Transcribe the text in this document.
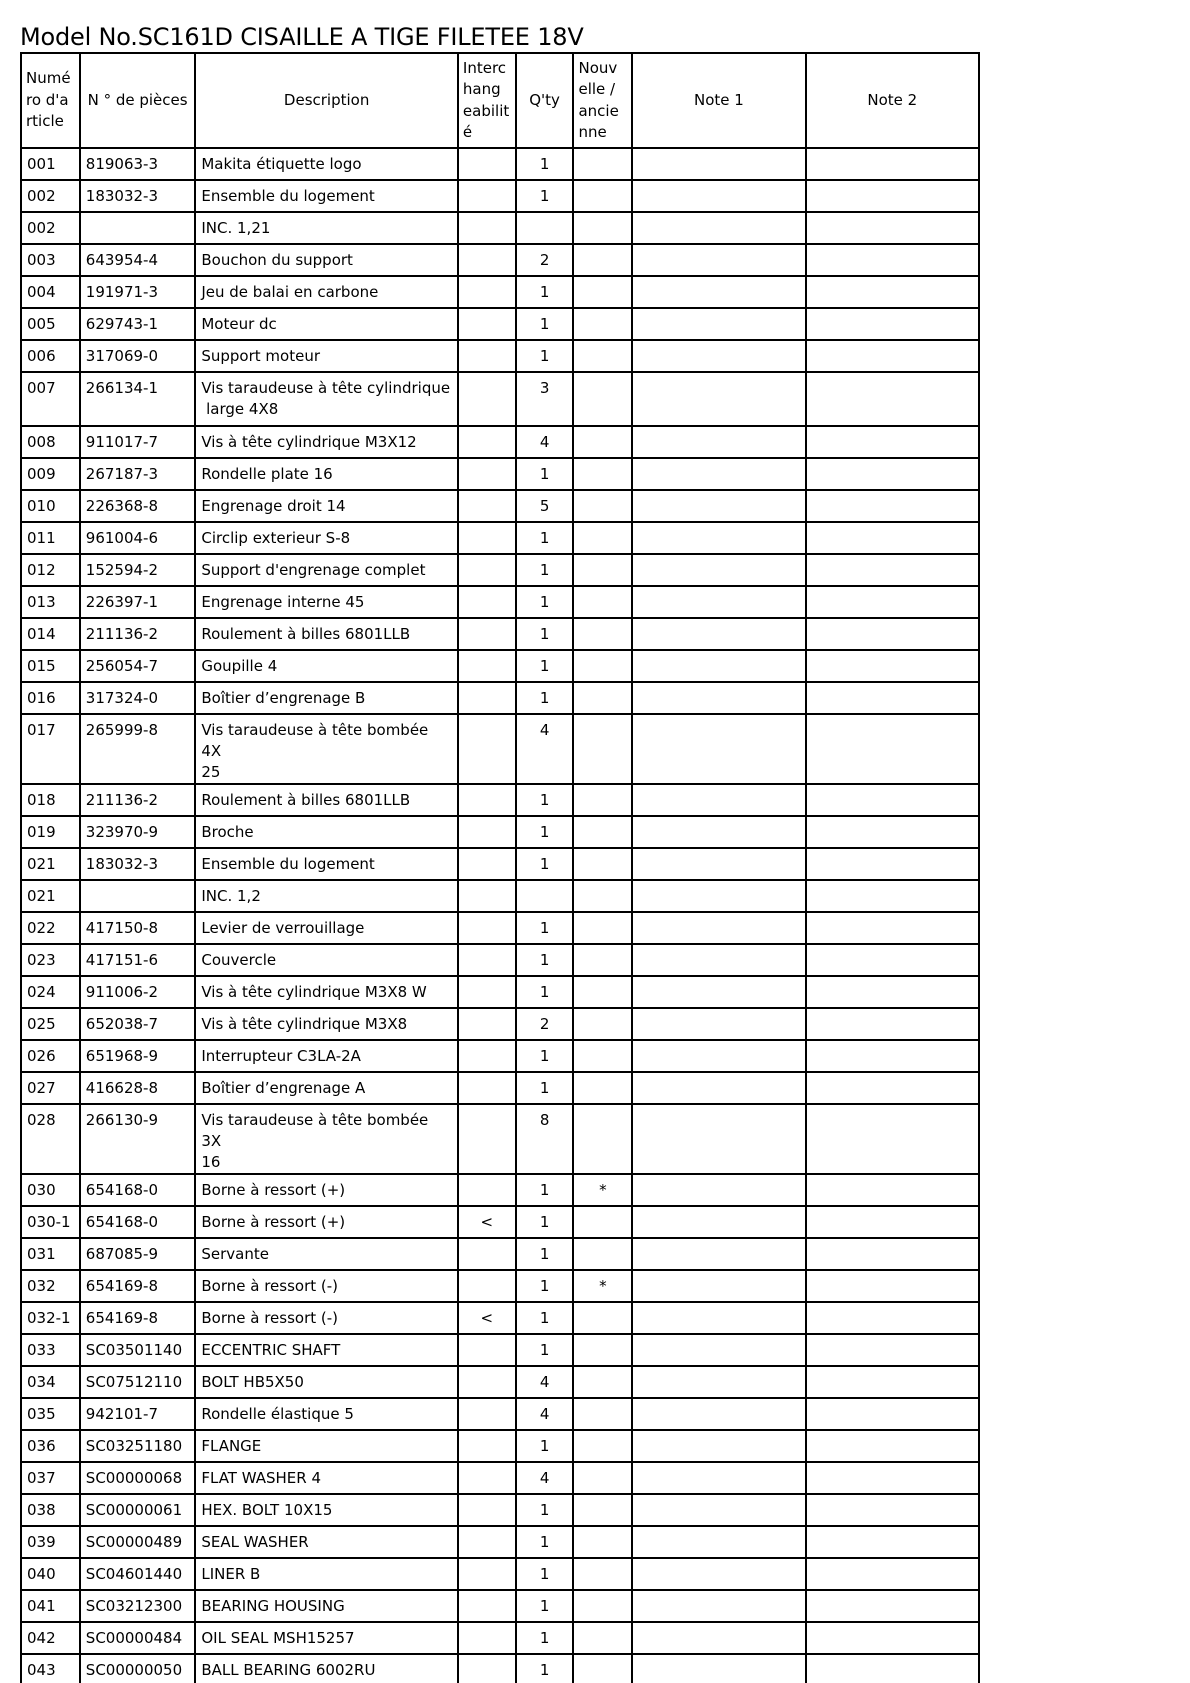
Model No.SC161D CISAILLE A TIGE FILETEE 18V
Numé ro d'a rticle	N ° de pièces	Description	Interc hang eabilit é	Q'ty	Nouv elle / ancie nne	Note 1	Note 2
001	819063-3	Makita étiquette logo		1			
002	183032-3	Ensemble du logement		1			
002		INC. 1,21					
003	643954-4	Bouchon du support		2			
004	191971-3	Jeu de balai en carbone		1			
005	629743-1	Moteur dc		1			
006	317069-0	Support moteur		1			
007	266134-1	Vis taraudeuse à tête cylindrique
large 4X8		3			
008	911017-7	Vis à tête cylindrique M3X12		4			
009	267187-3	Rondelle plate 16		1			
010	226368-8	Engrenage droit 14		5			
011	961004-6	Circlip exterieur S-8		1			
012	152594-2	Support d'engrenage complet		1			
013	226397-1	Engrenage interne 45		1			
014	211136-2	Roulement à billes 6801LLB		1			
015	256054-7	Goupille 4		1			
016	317324-0	Boîtier d’engrenage B		1			
017	265999-8	Vis taraudeuse à tête bombée 4X
25		4			
018	211136-2	Roulement à billes 6801LLB		1			
019	323970-9	Broche		1			
021	183032-3	Ensemble du logement		1			
021		INC. 1,2					
022	417150-8	Levier de verrouillage		1			
023	417151-6	Couvercle		1			
024	911006-2	Vis à tête cylindrique M3X8 W		1			
025	652038-7	Vis à tête cylindrique M3X8		2			
026	651968-9	Interrupteur C3LA-2A		1			
027	416628-8	Boîtier d’engrenage A		1			
028	266130-9	Vis taraudeuse à tête bombée 3X
16		8			
030	654168-0	Borne à ressort (+)		1	*		
030-1	654168-0	Borne à ressort (+)	<	1			
031	687085-9	Servante		1			
032	654169-8	Borne à ressort (-)		1	*		
032-1	654169-8	Borne à ressort (-)	<	1			
033	SC03501140	ECCENTRIC SHAFT		1			
034	SC07512110	BOLT HB5X50		4			
035	942101-7	Rondelle élastique 5		4			
036	SC03251180	FLANGE		1			
037	SC00000068	FLAT WASHER 4		4			
038	SC00000061	HEX. BOLT 10X15		1			
039	SC00000489	SEAL WASHER		1			
040	SC04601440	LINER B		1			
041	SC03212300	BEARING HOUSING		1			
042	SC00000484	OIL SEAL MSH15257		1			
043	SC00000050	BALL BEARING 6002RU		1			
